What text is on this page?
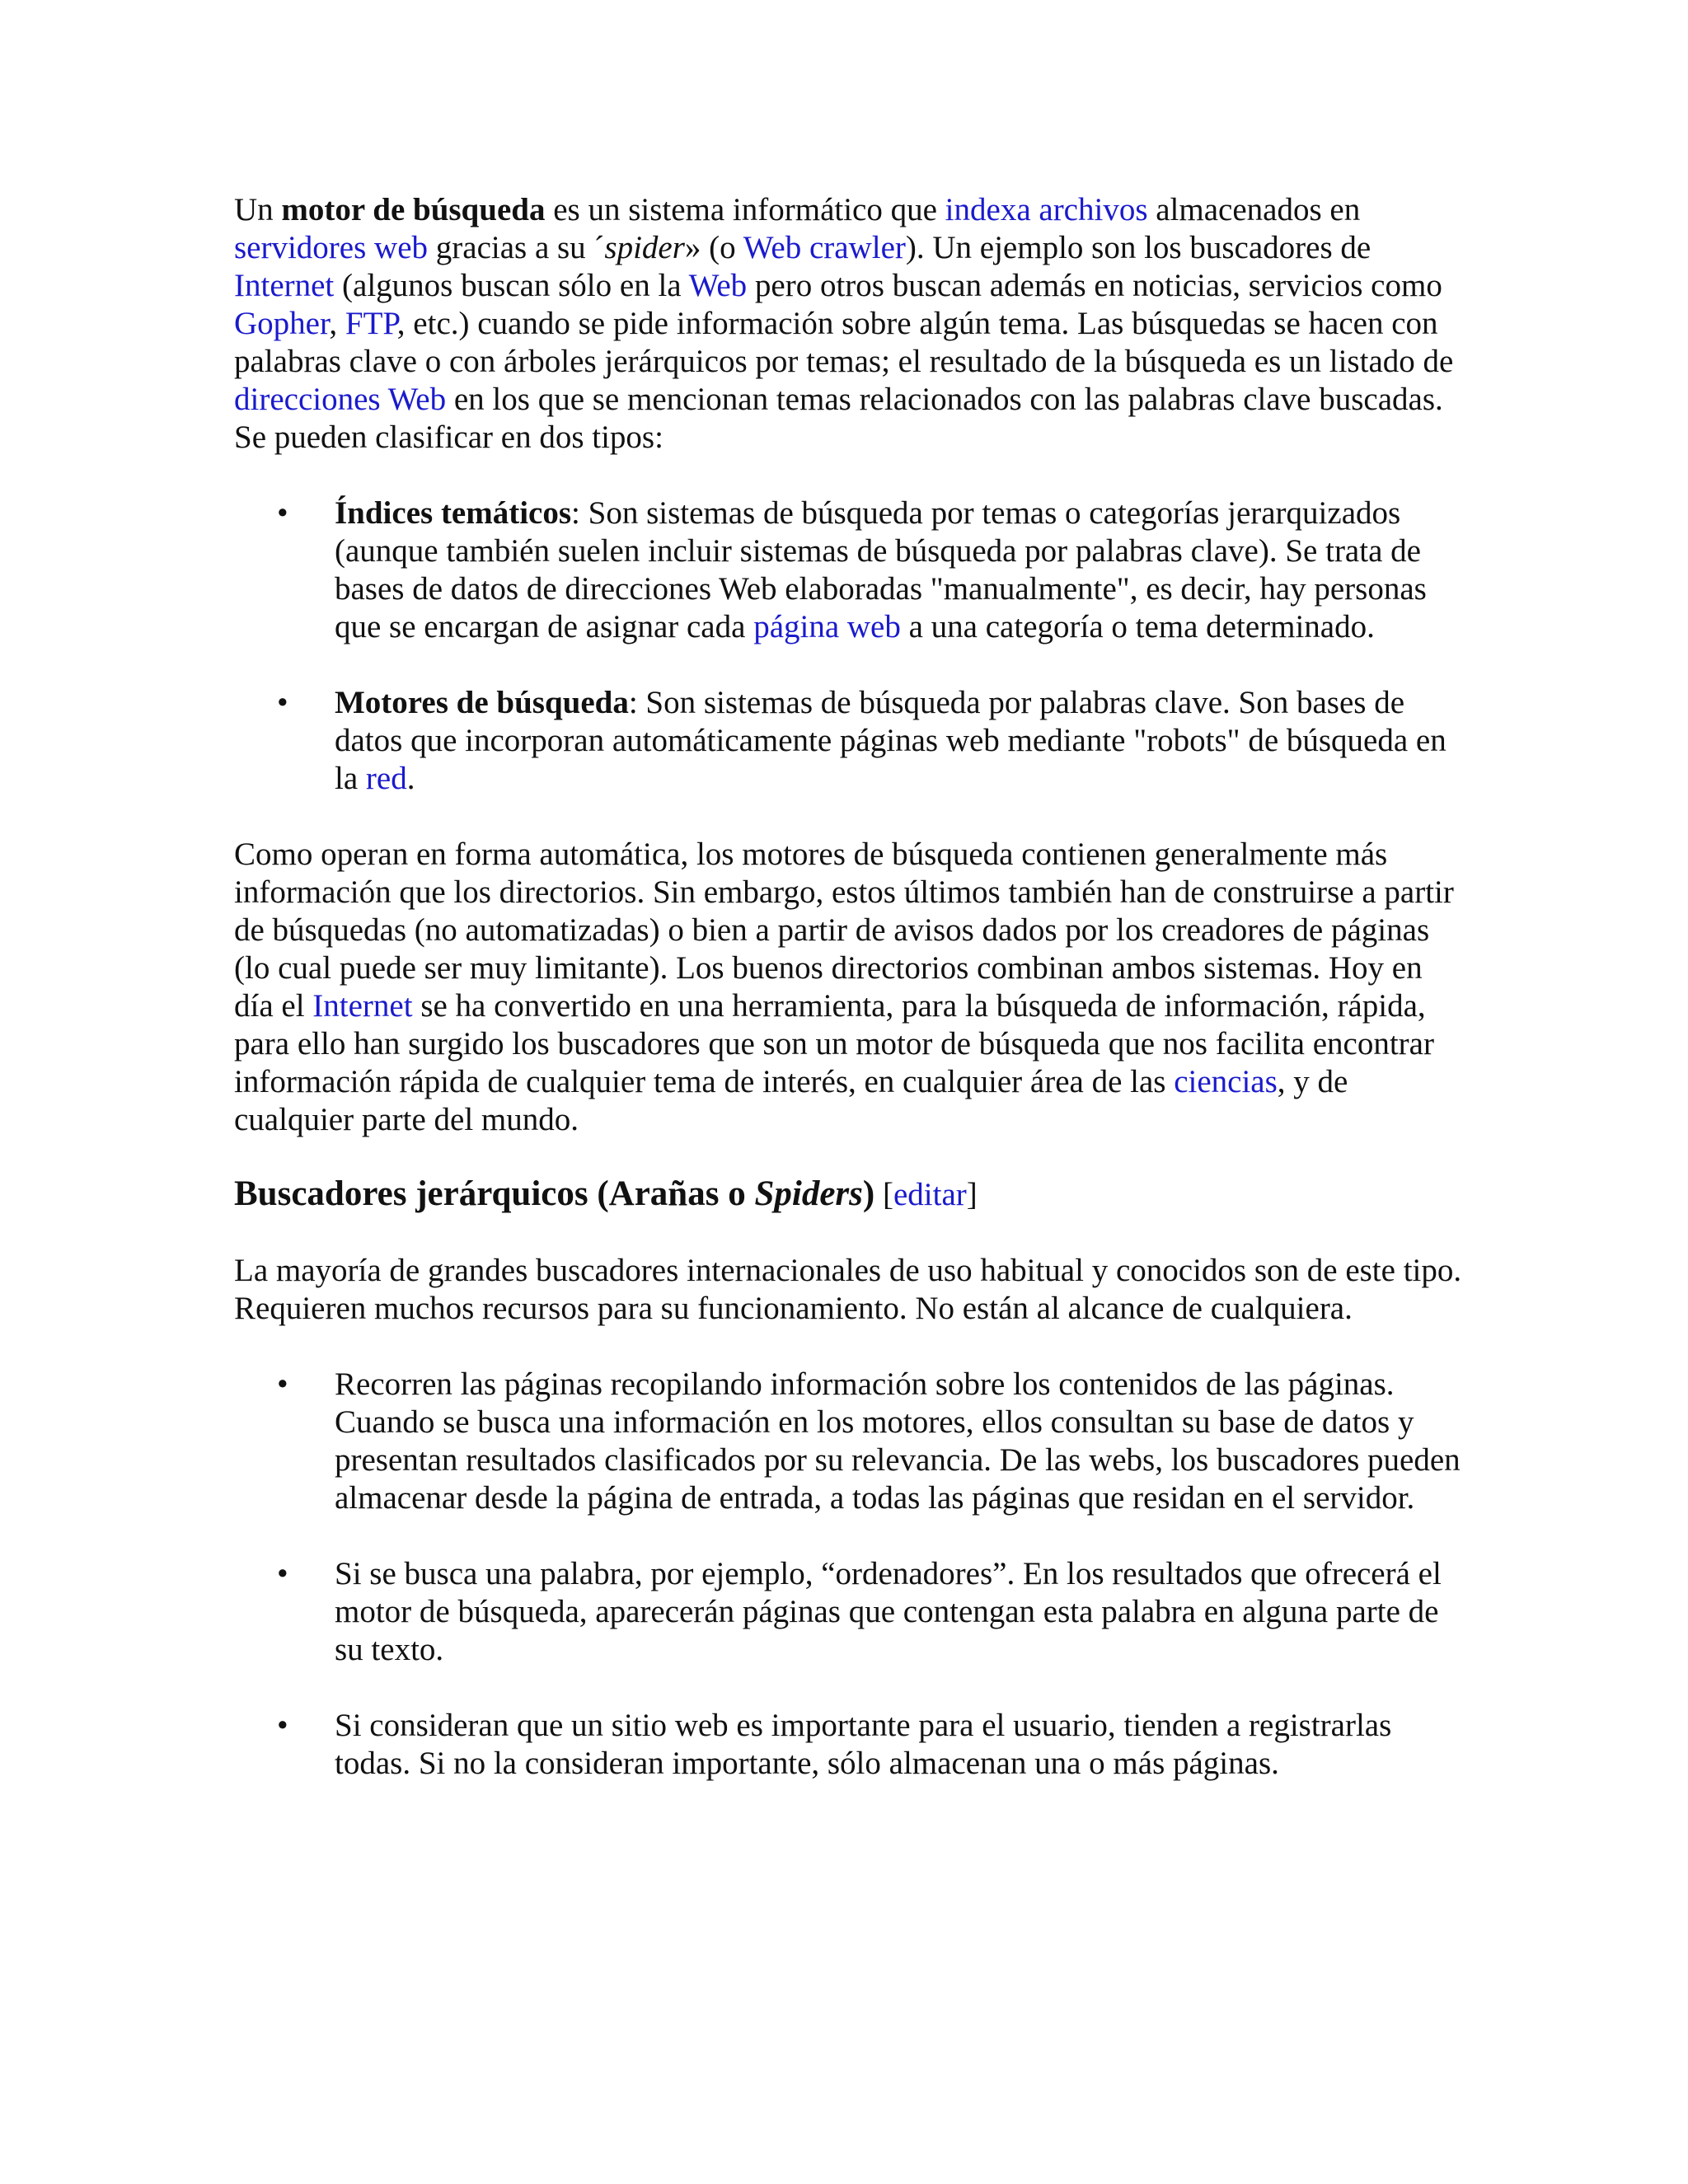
Un motor de búsqueda es un sistema informático que indexa archivos almacenados en servidores web gracias a su ´spider» (o Web crawler). Un ejemplo son los buscadores de Internet (algunos buscan sólo en la Web pero otros buscan además en noticias, servicios como Gopher, FTP, etc.) cuando se pide información sobre algún tema. Las búsquedas se hacen con palabras clave o con árboles jerárquicos por temas; el resultado de la búsqueda es un listado de direcciones Web en los que se mencionan temas relacionados con las palabras clave buscadas. Se pueden clasificar en dos tipos:

• Índices temáticos: Son sistemas de búsqueda por temas o categorías jerarquizados (aunque también suelen incluir sistemas de búsqueda por palabras clave). Se trata de bases de datos de direcciones Web elaboradas "manualmente", es decir, hay personas que se encargan de asignar cada página web a una categoría o tema determinado.
• Motores de búsqueda: Son sistemas de búsqueda por palabras clave. Son bases de datos que incorporan automáticamente páginas web mediante "robots" de búsqueda en la red.

Como operan en forma automática, los motores de búsqueda contienen generalmente más información que los directorios. Sin embargo, estos últimos también han de construirse a partir de búsquedas (no automatizadas) o bien a partir de avisos dados por los creadores de páginas (lo cual puede ser muy limitante). Los buenos directorios combinan ambos sistemas. Hoy en día el Internet se ha convertido en una herramienta, para la búsqueda de información, rápida, para ello han surgido los buscadores que son un motor de búsqueda que nos facilita encontrar información rápida de cualquier tema de interés, en cualquier área de las ciencias, y de cualquier parte del mundo.

Buscadores jerárquicos (Arañas o Spiders) [editar]

La mayoría de grandes buscadores internacionales de uso habitual y conocidos son de este tipo. Requieren muchos recursos para su funcionamiento. No están al alcance de cualquiera.

• Recorren las páginas recopilando información sobre los contenidos de las páginas. Cuando se busca una información en los motores, ellos consultan su base de datos y presentan resultados clasificados por su relevancia. De las webs, los buscadores pueden almacenar desde la página de entrada, a todas las páginas que residan en el servidor.
• Si se busca una palabra, por ejemplo, “ordenadores”. En los resultados que ofrecerá el motor de búsqueda, aparecerán páginas que contengan esta palabra en alguna parte de su texto.
• Si consideran que un sitio web es importante para el usuario, tienden a registrarlas todas. Si no la consideran importante, sólo almacenan una o más páginas.
